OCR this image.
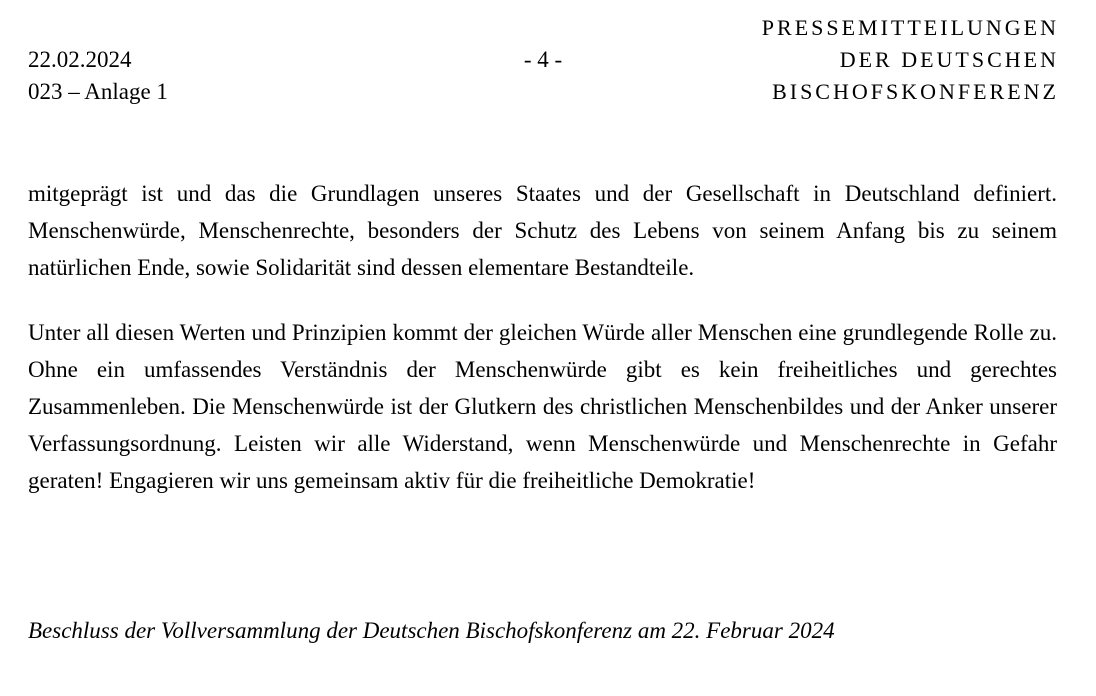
22.02.2024
023 – Anlage 1
- 4 -
PRESSEMITTEILUNGEN
DER DEUTSCHEN
BISCHOFSKONFERENZ

mitgeprägt ist und das die Grundlagen unseres Staates und der Gesellschaft in Deutschland definiert. Menschenwürde, Menschenrechte, besonders der Schutz des Lebens von seinem Anfang bis zu seinem natürlichen Ende, sowie Solidarität sind dessen elementare Bestandteile.

Unter all diesen Werten und Prinzipien kommt der gleichen Würde aller Menschen eine grundlegende Rolle zu. Ohne ein umfassendes Verständnis der Menschenwürde gibt es kein freiheitliches und gerechtes Zusammenleben. Die Menschenwürde ist der Glutkern des christlichen Menschenbildes und der Anker unserer Verfassungsordnung. Leisten wir alle Widerstand, wenn Menschenwürde und Menschenrechte in Gefahr geraten! Engagieren wir uns gemeinsam aktiv für die freiheitliche Demokratie!

Beschluss der Vollversammlung der Deutschen Bischofskonferenz am 22. Februar 2024
